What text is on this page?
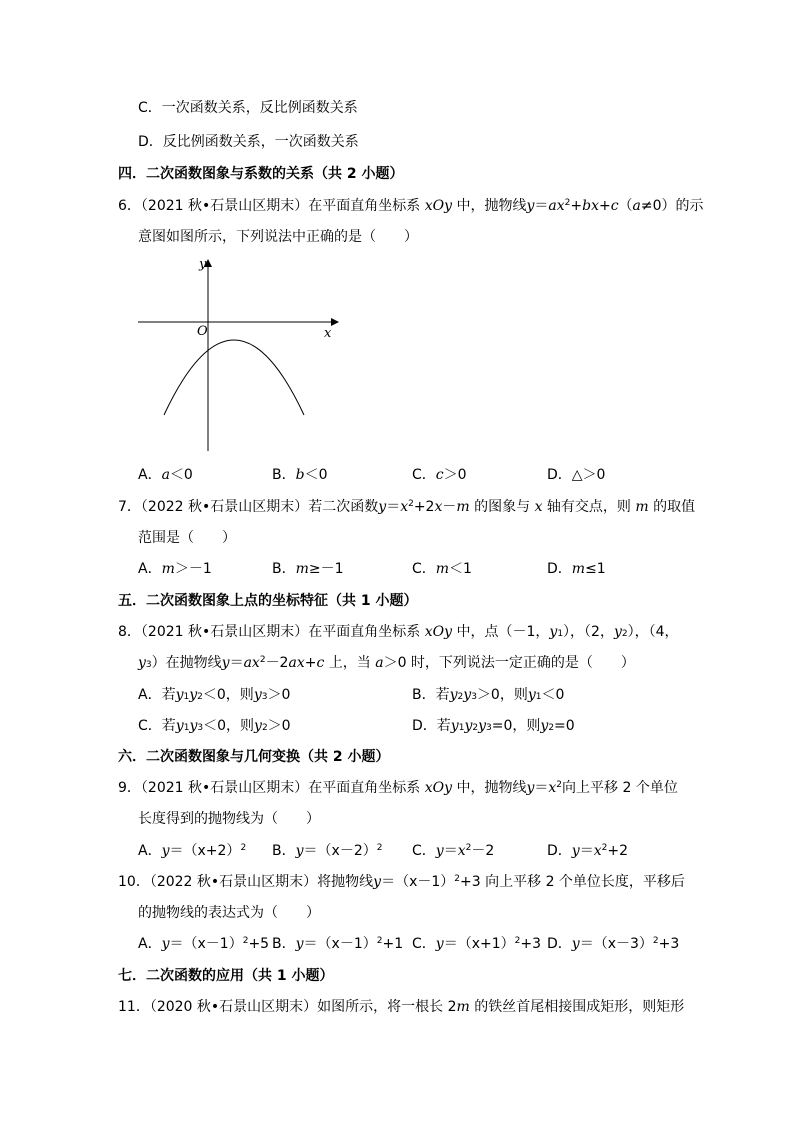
C．一次函数关系，反比例函数关系
D．反比例函数关系，一次函数关系
四．二次函数图象与系数的关系（共 2 小题）
6．（2021 秋•石景山区期末）在平面直角坐标系 xOy 中，抛物线$y=ax^2+bx+c(a\ne 0)$的示
意图如图所示，下列说法中正确的是（　　）
y
x
O
A．a＜0	B．b＜0	C．c＞0	D．△＞0
7．（2022 秋•石景山区期末）若二次函数$y=x^2+2x-m$ 的图象与 x 轴有交点，则 m 的取值
范围是（　　）
A．m＞－1	B．m≥－1	C．m＜1	D．m≤1
五．二次函数图象上点的坐标特征（共 1 小题）
8．（2021 秋•石景山区期末）在平面直角坐标系 xOy 中，点（－1，$y_1$），（2，$y_2$），（4，
$y_3$）在抛物线$y=ax^2-2ax+c$ 上，当 a＞0 时，下列说法一定正确的是（　　）
A．若$y_1y_2<0$，则$y_3>0$	B．若$y_2y_3>0$，则$y_1<0$
C．若$y_1y_3<0$，则$y_2>0$	D．若$y_1y_2y_3=0$，则$y_2=0$
六．二次函数图象与几何变换（共 2 小题）
9．（2021 秋•石景山区期末）在平面直角坐标系 xOy 中，抛物线$y=x^2$向上平移 2 个单位
长度得到的抛物线为（　　）
A．$y=(x+2)^2$ B．$y=(x-2)^2$ C．$y=x^2-2$	D．$y=x^2+2$
10．（2022 秋•石景山区期末）将抛物线$y=(x-1)^2+3$ 向上平移 2 个单位长度，平移后
的抛物线的表达式为（　　）
A．$y=(x-1)^2+5$ B．$y=(x-1)^2+1$ C．$y=(x+1)^2+3$ D．$y=(x-3)^2+3$
七．二次函数的应用（共 1 小题）
11．（2020 秋•石景山区期末）如图所示，将一根长 2m 的铁丝首尾相接围成矩形，则矩形
